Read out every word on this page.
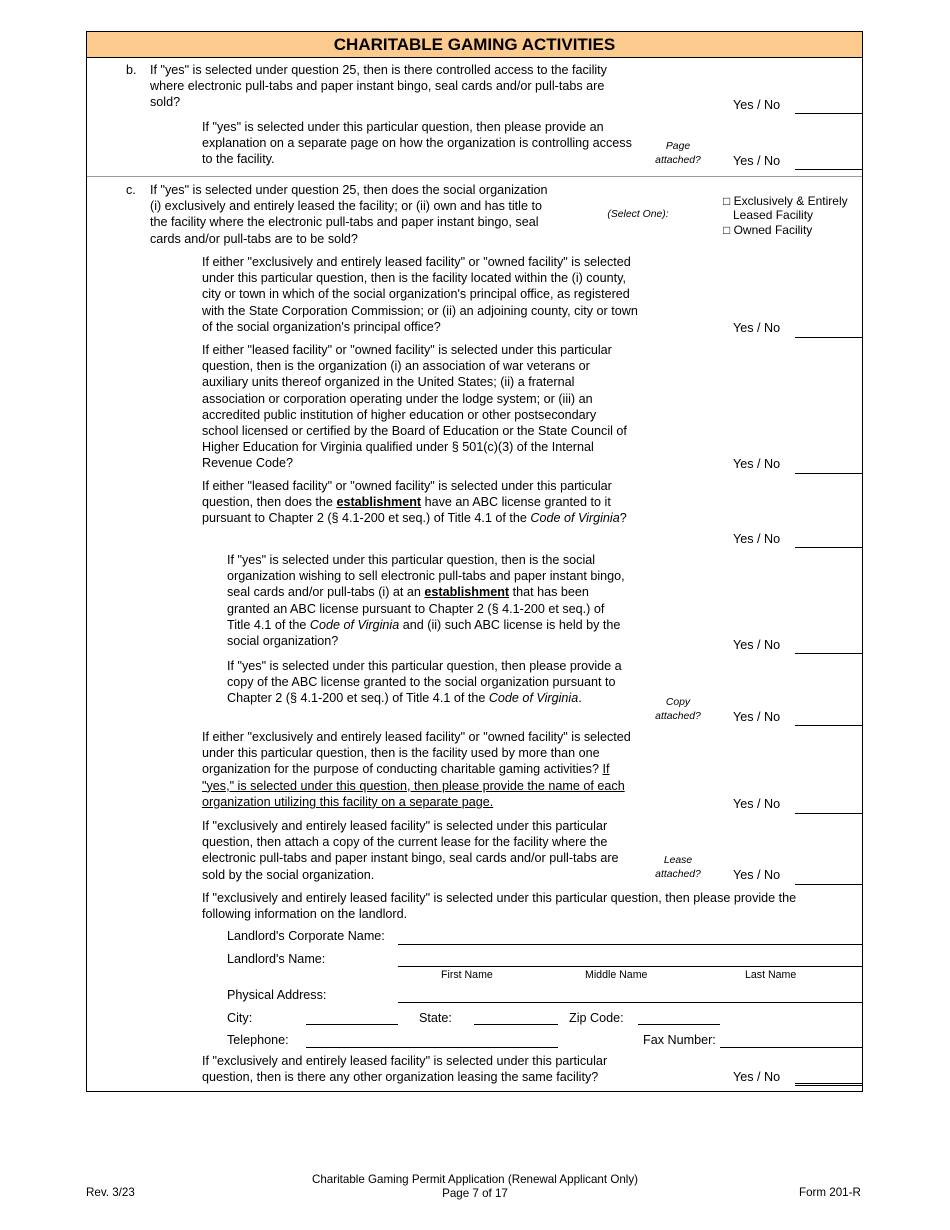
CHARITABLE GAMING ACTIVITIES
b. If "yes" is selected under question 25, then is there controlled access to the facility where electronic pull-tabs and paper instant bingo, seal cards and/or pull-tabs are sold?	Yes / No
If "yes" is selected under this particular question, then please provide an explanation on a separate page on how the organization is controlling access to the facility.
Page attached?	Yes / No
c. If "yes" is selected under question 25, then does the social organization (i) exclusively and entirely leased the facility; or (ii) own and has title to the facility where the electronic pull-tabs and paper instant bingo, seal cards and/or pull-tabs are to be sold?
(Select One):
□ Exclusively & Entirely
Leased Facility
□ Owned Facility
If either "exclusively and entirely leased facility" or "owned facility" is selected under this particular question, then is the facility located within the (i) county, city or town in which of the social organization's principal office, as registered with the State Corporation Commission; or (ii) an adjoining county, city or town of the social organization's principal office?	Yes / No
If either "leased facility" or "owned facility" is selected under this particular question, then is the organization (i) an association of war veterans or auxiliary units thereof organized in the United States; (ii) a fraternal association or corporation operating under the lodge system; or (iii) an accredited public institution of higher education or other postsecondary school licensed or certified by the Board of Education or the State Council of Higher Education for Virginia qualified under § 501(c)(3) of the Internal Revenue Code?	Yes / No
If either "leased facility" or "owned facility" is selected under this particular question, then does the establishment have an ABC license granted to it pursuant to Chapter 2 (§ 4.1-200 et seq.) of Title 4.1 of the Code of Virginia?
Yes / No
If "yes" is selected under this particular question, then is the social organization wishing to sell electronic pull-tabs and paper instant bingo, seal cards and/or pull-tabs (i) at an establishment that has been granted an ABC license pursuant to Chapter 2 (§ 4.1-200 et seq.) of Title 4.1 of the Code of Virginia and (ii) such ABC license is held by the social organization?	Yes / No
If "yes" is selected under this particular question, then please provide a copy of the ABC license granted to the social organization pursuant to Chapter 2 (§ 4.1-200 et seq.) of Title 4.1 of the Code of Virginia.	Copy attached?	Yes / No
If either "exclusively and entirely leased facility" or "owned facility" is selected under this particular question, then is the facility used by more than one organization for the purpose of conducting charitable gaming activities? If "yes," is selected under this question, then please provide the name of each organization utilizing this facility on a separate page.	Yes / No
If "exclusively and entirely leased facility" is selected under this particular question, then attach a copy of the current lease for the facility where the electronic pull-tabs and paper instant bingo, seal cards and/or pull-tabs are sold by the social organization.
Lease attached?	Yes / No
If "exclusively and entirely leased facility" is selected under this particular question, then please provide the following information on the landlord.
Landlord's Corporate Name:
Landlord's Name:
First Name	Middle Name	Last Name
Physical Address:
City:	State:	Zip Code:
Telephone:	Fax Number:
If "exclusively and entirely leased facility" is selected under this particular question, then is there any other organization leasing the same facility?	Yes / No
Rev. 3/23
Charitable Gaming Permit Application (Renewal Applicant Only)
Page 7 of 17	Form 201-R
